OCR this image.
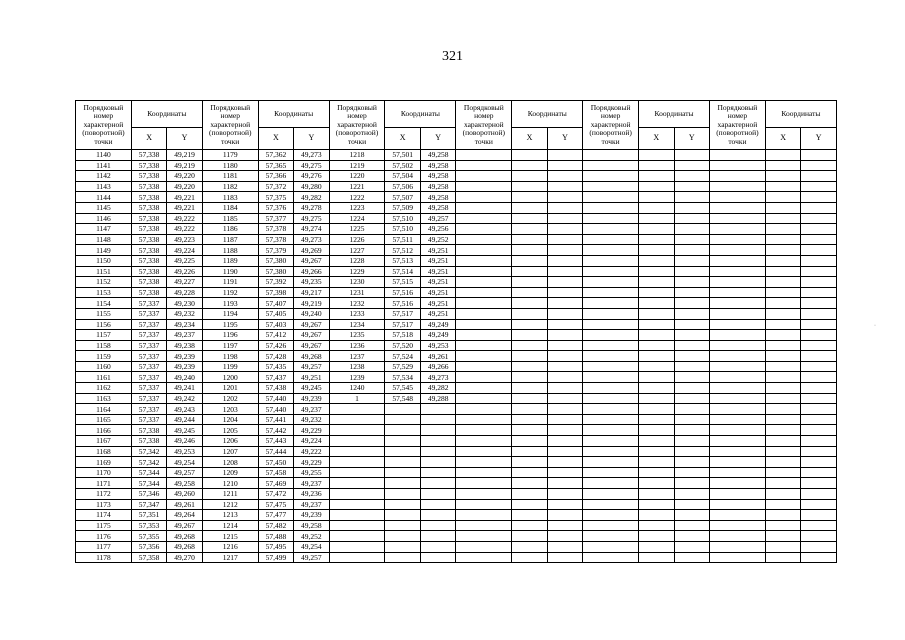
321
Порядковый номер характерной (поворотной) точки	Координаты		Порядковый номер характерной (поворотной) точки	Координаты		Порядковый номер характерной (поворотной) точки	Координаты		Порядковый номер характерной (поворотной) точки	Координаты		Порядковый номер характерной (поворотной) точки	Координаты		Порядковый номер характерной (поворотной) точки	Координаты	
	X	Y		X	Y		X	Y		X	Y		X	Y		X	Y
1140	57,338	49,219	1179	57,362	49,273	1218	57,501	49,258									
1141	57,338	49,219	1180	57,365	49,275	1219	57,502	49,258									
1142	57,338	49,220	1181	57,366	49,276	1220	57,504	49,258									
1143	57,338	49,220	1182	57,372	49,280	1221	57,506	49,258									
1144	57,338	49,221	1183	57,375	49,282	1222	57,507	49,258									
1145	57,338	49,221	1184	57,376	49,278	1223	57,509	49,258									
1146	57,338	49,222	1185	57,377	49,275	1224	57,510	49,257									
1147	57,338	49,222	1186	57,378	49,274	1225	57,510	49,256									
1148	57,338	49,223	1187	57,378	49,273	1226	57,511	49,252									
1149	57,338	49,224	1188	57,379	49,269	1227	57,512	49,251									
1150	57,338	49,225	1189	57,380	49,267	1228	57,513	49,251									
1151	57,338	49,226	1190	57,380	49,266	1229	57,514	49,251									
1152	57,338	49,227	1191	57,392	49,235	1230	57,515	49,251									
1153	57,338	49,228	1192	57,398	49,217	1231	57,516	49,251									
1154	57,337	49,230	1193	57,407	49,219	1232	57,516	49,251									
1155	57,337	49,232	1194	57,405	49,240	1233	57,517	49,251									
1156	57,337	49,234	1195	57,403	49,267	1234	57,517	49,249									
1157	57,337	49,237	1196	57,412	49,267	1235	57,518	49,249									
1158	57,337	49,238	1197	57,426	49,267	1236	57,520	49,253									
1159	57,337	49,239	1198	57,428	49,268	1237	57,524	49,261									
1160	57,337	49,239	1199	57,435	49,257	1238	57,529	49,266									
1161	57,337	49,240	1200	57,437	49,251	1239	57,534	49,273									
1162	57,337	49,241	1201	57,438	49,245	1240	57,545	49,282									
1163	57,337	49,242	1202	57,440	49,239	1	57,548	49,288									
1164	57,337	49,243	1203	57,440	49,237												
1165	57,337	49,244	1204	57,441	49,232												
1166	57,338	49,245	1205	57,442	49,229												
1167	57,338	49,246	1206	57,443	49,224												
1168	57,342	49,253	1207	57,444	49,222												
1169	57,342	49,254	1208	57,450	49,229												
1170	57,344	49,257	1209	57,458	49,255												
1171	57,344	49,258	1210	57,469	49,237												
1172	57,346	49,260	1211	57,472	49,236												
1173	57,347	49,261	1212	57,475	49,237												
1174	57,351	49,264	1213	57,477	49,239												
1175	57,353	49,267	1214	57,482	49,258												
1176	57,355	49,268	1215	57,488	49,252												
1177	57,356	49,268	1216	57,495	49,254												
1178	57,358	49,270	1217	57,499	49,257												
·
